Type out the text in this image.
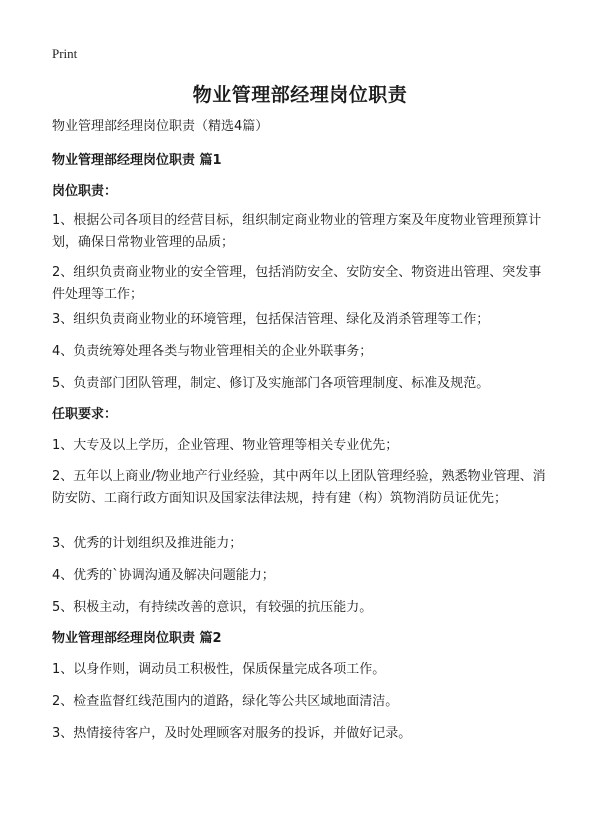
Print
物业管理部经理岗位职责

物业管理部经理岗位职责（精选4篇）

物业管理部经理岗位职责 篇1

岗位职责：

1、根据公司各项目的经营目标，组织制定商业物业的管理方案及年度物业管理预算计划，确保日常物业管理的品质；

2、组织负责商业物业的安全管理，包括消防安全、安防安全、物资进出管理、突发事件处理等工作；

3、组织负责商业物业的环境管理，包括保洁管理、绿化及消杀管理等工作；

4、负责统筹处理各类与物业管理相关的企业外联事务；

5、负责部门团队管理，制定、修订及实施部门各项管理制度、标准及规范。

任职要求：

1、大专及以上学历，企业管理、物业管理等相关专业优先；

2、五年以上商业/物业地产行业经验，其中两年以上团队管理经验，熟悉物业管理、消防安防、工商行政方面知识及国家法律法规，持有建（构）筑物消防员证优先；

3、优秀的计划组织及推进能力；

4、优秀的`协调沟通及解决问题能力；

5、积极主动，有持续改善的意识，有较强的抗压能力。

物业管理部经理岗位职责 篇2

1、以身作则，调动员工积极性，保质保量完成各项工作。

2、检查监督红线范围内的道路，绿化等公共区域地面清洁。

3、热情接待客户，及时处理顾客对服务的投诉，并做好记录。
